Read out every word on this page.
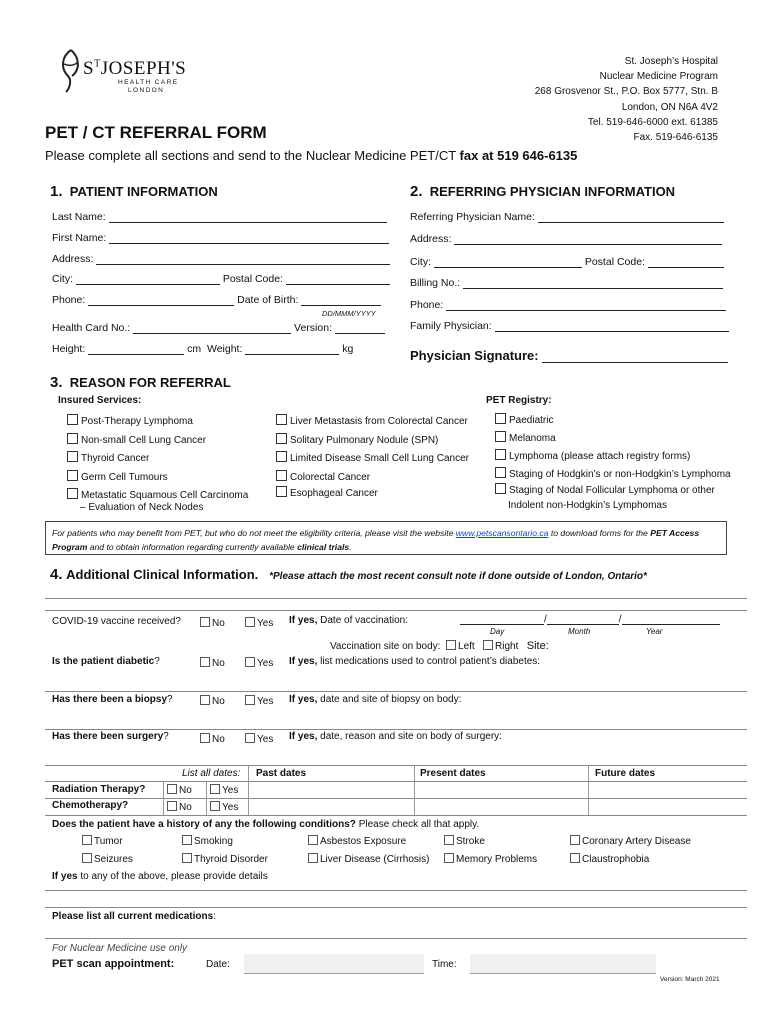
$S^TJOSEPH'S$
HEALTH CARE
LONDON
St. Joseph’s Hospital
Nuclear Medicine Program
268 Grosvenor St., P.O. Box 5777, Stn. B
London, ON N6A 4V2
Tel. 519-646-6000 ext. 61385
Fax. 519-646-6135
PET / CT REFERRAL FORM
Please complete all sections and send to the Nuclear Medicine PET/CT fax at 519 646-6135
1. PATIENT INFORMATION
Last Name:
First Name:
Address:
City:	Postal Code:
Phone:	Date of Birth:
DD/MMM/YYYY
Health Card No.:	Version:
Height:	cm Weight:	kg
2. REFERRING PHYSICIAN INFORMATION
Referring Physician Name:
Address:
City:	Postal Code:
Billing No.:
Phone:
Family Physician:
Physician Signature:
3. REASON FOR REFERRAL
Insured Services:	PET Registry:
Post-Therapy Lymphoma
Non-small Cell Lung Cancer
Thyroid Cancer
Germ Cell Tumours
Metastatic Squamous Cell Carcinoma
– Evaluation of Neck Nodes
Liver Metastasis from Colorectal Cancer
Solitary Pulmonary Nodule (SPN)
Limited Disease Small Cell Lung Cancer
Colorectal Cancer
Esophageal Cancer
Paediatric
Melanoma
Lymphoma (please attach registry forms)
Staging of Hodgkin’s or non-Hodgkin’s Lymphoma
Staging of Nodal Follicular Lymphoma or other
Indolent non-Hodgkin’s Lymphomas
For patients who may benefit from PET, but who do not meet the eligibility criteria, please visit the website www.petscansontario.ca to download forms for the PET Access Program and to obtain information regarding currently available clinical trials.
4. Additional Clinical Information. *Please attach the most recent consult note if done outside of London, Ontario*
COVID-19 vaccine received?	No	Yes If yes, Date of vaccination:	/	/
Day	Month	Year
Vaccination site on body: Left Right Site:
Is the patient diabetic?	No	Yes If yes, list medications used to control patient’s diabetes:
Has there been a biopsy?	No	Yes If yes, date and site of biopsy on body:
Has there been surgery?	No	Yes If yes, date, reason and site on body of surgery:
List all dates: Past dates	Present dates	Future dates
Radiation Therapy?	No	Yes
Chemotherapy?	No	Yes
Does the patient have a history of any the following conditions? Please check all that apply.
Tumor	Smoking	Asbestos Exposure	Stroke	Coronary Artery Disease
Seizures	Thyroid Disorder	Liver Disease (Cirrhosis)	Memory Problems	Claustrophobia
If yes to any of the above, please provide details
Please list all current medications:
For Nuclear Medicine use only
PET scan appointment:	Date:	Time:
Version: March 2021
